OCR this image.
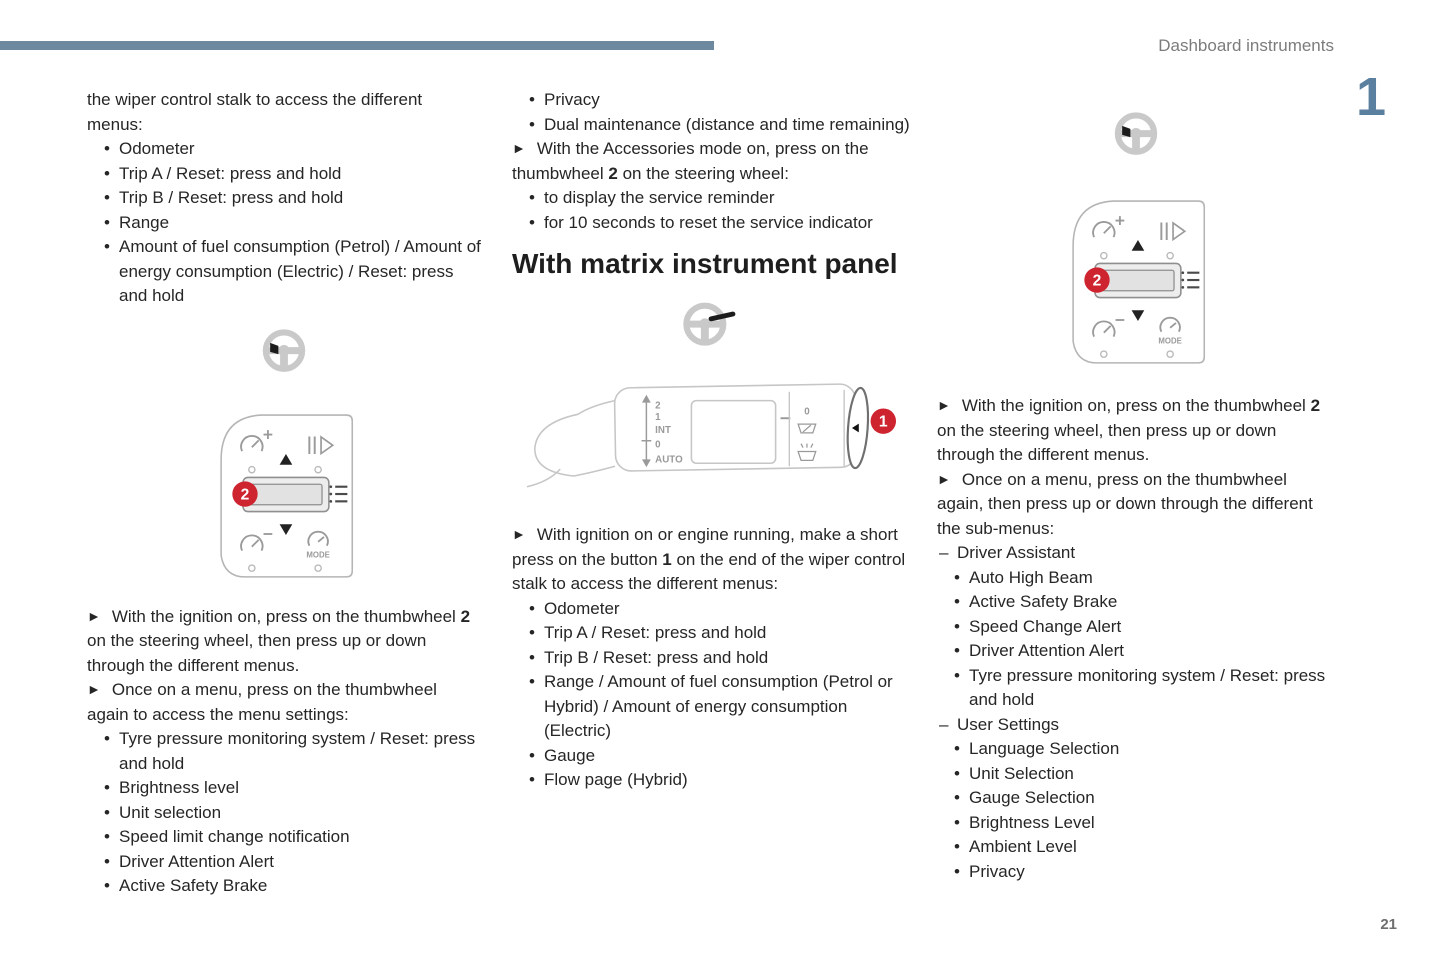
Dashboard instruments
1

the wiper control stalk to access the different menus:

• Odometer
• Trip A / Reset: press and hold
• Trip B / Reset: press and hold
• Range
• Amount of fuel consumption (Petrol) / Amount of energy consumption (Electric) / Reset: press and hold
2
MODE

► With the ignition on, press on the thumbwheel 2 on the steering wheel, then press up or down through the different menus.

► Once on a menu, press on the thumbwheel again to access the menu settings:

• Tyre pressure monitoring system / Reset: press and hold
• Brightness level
• Unit selection
• Speed limit change notification
• Driver Attention Alert
• Active Safety Brake
• Privacy
• Dual maintenance (distance and time remaining)

► With the Accessories mode on, press on the thumbwheel 2 on the steering wheel:

• to display the service reminder
• for 10 seconds to reset the service indicator
With matrix instrument panel
2
1
INT
0
AUTO
0
1

► With ignition on or engine running, make a short press on the button 1 on the end of the wiper control stalk to access the different menus:

• Odometer
• Trip A / Reset: press and hold
• Trip B / Reset: press and hold
• Range / Amount of fuel consumption (Petrol or Hybrid) / Amount of energy consumption (Electric)
• Gauge
• Flow page (Hybrid)
2
MODE

► With the ignition on, press on the thumbwheel 2 on the steering wheel, then press up or down through the different menus.

► Once on a menu, press on the thumbwheel again, then press up or down through the different the sub-menus:

– Driver Assistant
• Auto High Beam
• Active Safety Brake
• Speed Change Alert
• Driver Attention Alert
• Tyre pressure monitoring system / Reset: press and hold
– User Settings
• Language Selection
• Unit Selection
• Gauge Selection
• Brightness Level
• Ambient Level
• Privacy
21
